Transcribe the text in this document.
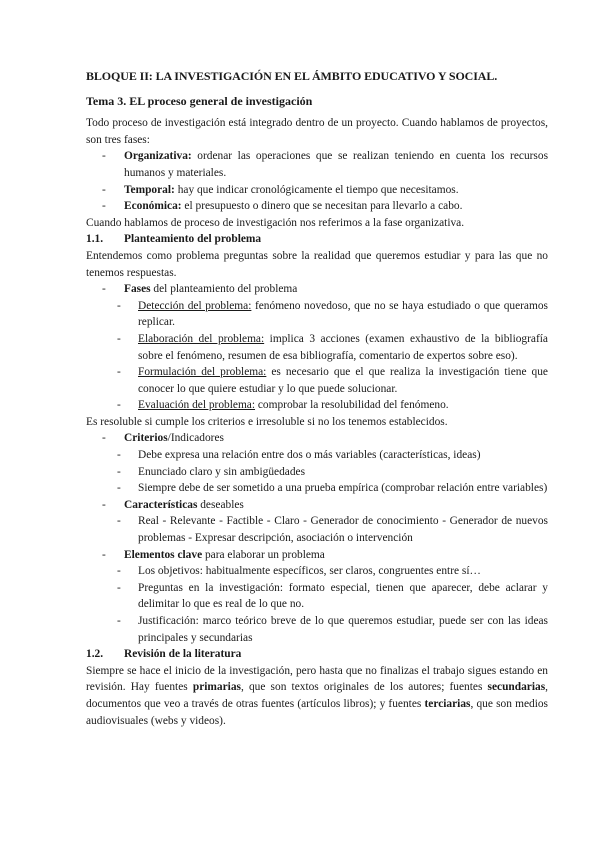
BLOQUE II: LA INVESTIGACIÓN EN EL ÁMBITO EDUCATIVO Y SOCIAL.

Tema 3. EL proceso general de investigación

Todo proceso de investigación está integrado dentro de un proyecto. Cuando hablamos de proyectos, son tres fases:

- Organizativa: ordenar las operaciones que se realizan teniendo en cuenta los recursos humanos y materiales.
- Temporal: hay que indicar cronológicamente el tiempo que necesitamos.
- Económica: el presupuesto o dinero que se necesitan para llevarlo a cabo.

Cuando hablamos de proceso de investigación nos referimos a la fase organizativa.

1.1.	Planteamiento del problema

Entendemos como problema preguntas sobre la realidad que queremos estudiar y para las que no tenemos respuestas.

- Fases del planteamiento del problema
- Detección del problema: fenómeno novedoso, que no se haya estudiado o que queramos replicar.
- Elaboración del problema: implica 3 acciones (examen exhaustivo de la bibliografía sobre el fenómeno, resumen de esa bibliografía, comentario de expertos sobre eso).
- Formulación del problema: es necesario que el que realiza la investigación tiene que conocer lo que quiere estudiar y lo que puede solucionar.
- Evaluación del problema: comprobar la resolubilidad del fenómeno.

Es resoluble si cumple los criterios e irresoluble si no los tenemos establecidos.

- Criterios/Indicadores
- Debe expresa una relación entre dos o más variables (características, ideas)
- Enunciado claro y sin ambigüedades
- Siempre debe de ser sometido a una prueba empírica (comprobar relación entre variables)
- Características deseables
- Real - Relevante - Factible - Claro - Generador de conocimiento - Generador de nuevos problemas - Expresar descripción, asociación o intervención
- Elementos clave para elaborar un problema
- Los objetivos: habitualmente específicos, ser claros, congruentes entre sí…
- Preguntas en la investigación: formato especial, tienen que aparecer, debe aclarar y delimitar lo que es real de lo que no.
- Justificación: marco teórico breve de lo que queremos estudiar, puede ser con las ideas principales y secundarias
1.2.	Revisión de la literatura

Siempre se hace el inicio de la investigación, pero hasta que no finalizas el trabajo sigues estando en revisión. Hay fuentes primarias, que son textos originales de los autores; fuentes secundarias, documentos que veo a través de otras fuentes (artículos libros); y fuentes terciarias, que son medios audiovisuales (webs y videos).
